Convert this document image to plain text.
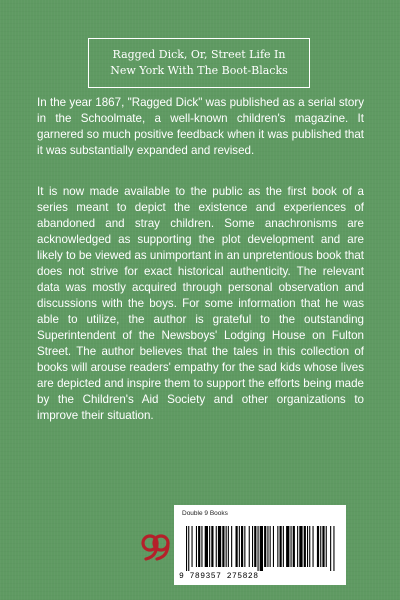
Ragged Dick, Or, Street Life In
New York With The Boot-Blacks

In the year 1867, "Ragged Dick" was published as a serial story in the Schoolmate, a well-known children's magazine. It garnered so much positive feedback when it was published that it was substantially expanded and revised.

It is now made available to the public as the first book of a series meant to depict the existence and experiences of abandoned and stray children. Some anachronisms are acknowledged as supporting the plot development and are likely to be viewed as unimportant in an unpretentious book that does not strive for exact historical authenticity. The relevant data was mostly acquired through personal observation and discussions with the boys. For some information that he was able to utilize, the author is grateful to the outstanding Superintendent of the Newsboys' Lodging House on Fulton Street. The author believes that the tales in this collection of books will arouse readers' empathy for the sad kids whose lives are depicted and inspire them to support the efforts being made by the Children's Aid Society and other organizations to improve their situation.

Double 9 Books

9 789357 275828
